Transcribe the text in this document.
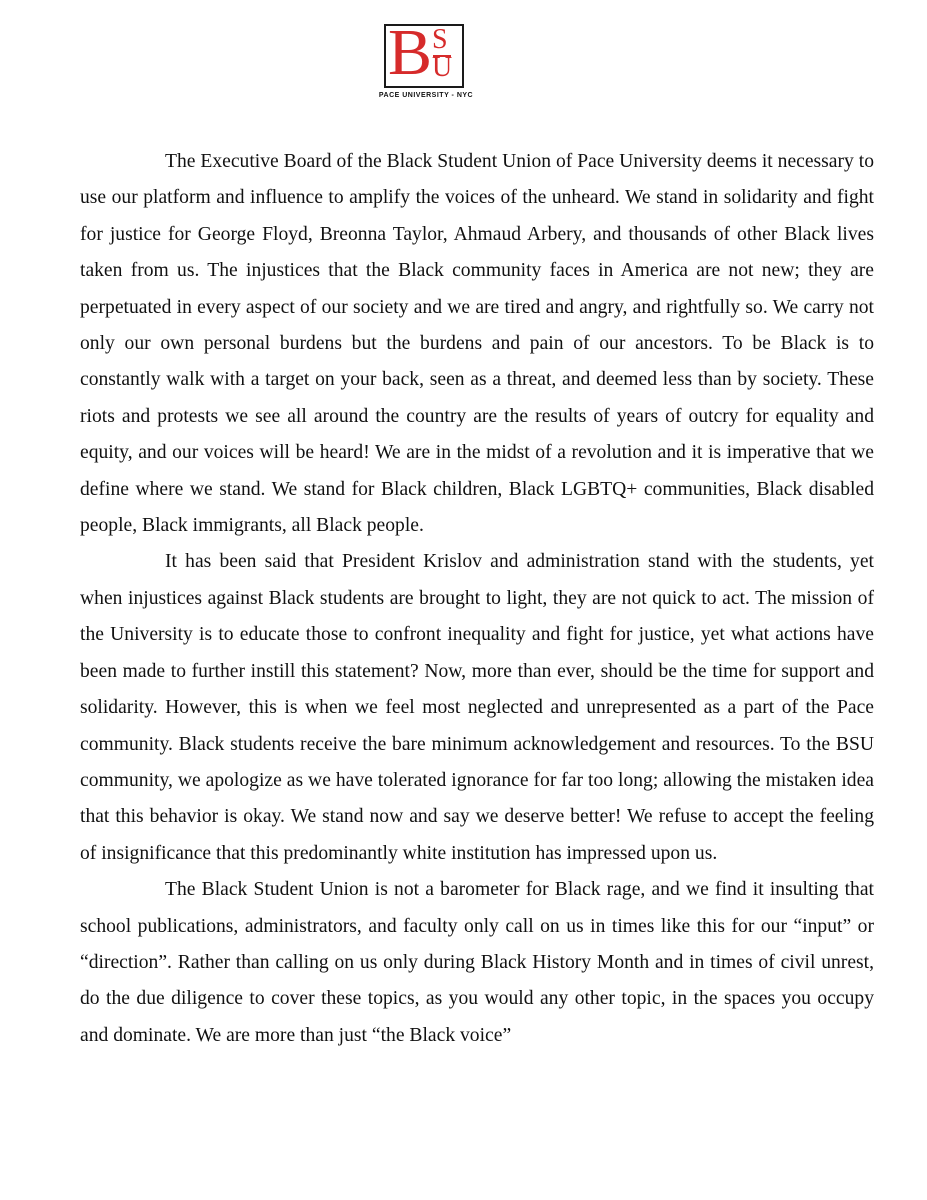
B S
U
PACE UNIVERSITY - NYC

The Executive Board of the Black Student Union of Pace University deems it necessary to use our platform and influence to amplify the voices of the unheard. We stand in solidarity and fight for justice for George Floyd, Breonna Taylor, Ahmaud Arbery, and thousands of other Black lives taken from us. The injustices that the Black community faces in America are not new; they are perpetuated in every aspect of our society and we are tired and angry, and rightfully so. We carry not only our own personal burdens but the burdens and pain of our ancestors. To be Black is to constantly walk with a target on your back, seen as a threat, and deemed less than by society. These riots and protests we see all around the country are the results of years of outcry for equality and equity, and our voices will be heard! We are in the midst of a revolution and it is imperative that we define where we stand. We stand for Black children, Black LGBTQ+ communities, Black disabled people, Black immigrants, all Black people.

It has been said that President Krislov and administration stand with the students, yet when injustices against Black students are brought to light, they are not quick to act. The mission of the University is to educate those to confront inequality and fight for justice, yet what actions have been made to further instill this statement? Now, more than ever, should be the time for support and solidarity. However, this is when we feel most neglected and unrepresented as a part of the Pace community. Black students receive the bare minimum acknowledgement and resources. To the BSU community, we apologize as we have tolerated ignorance for far too long; allowing the mistaken idea that this behavior is okay. We stand now and say we deserve better! We refuse to accept the feeling of insignificance that this predominantly white institution has impressed upon us.

The Black Student Union is not a barometer for Black rage, and we find it insulting that school publications, administrators, and faculty only call on us in times like this for our “input” or “direction”. Rather than calling on us only during Black History Month and in times of civil unrest, do the due diligence to cover these topics, as you would any other topic, in the spaces you occupy and dominate. We are more than just “the Black voice”
